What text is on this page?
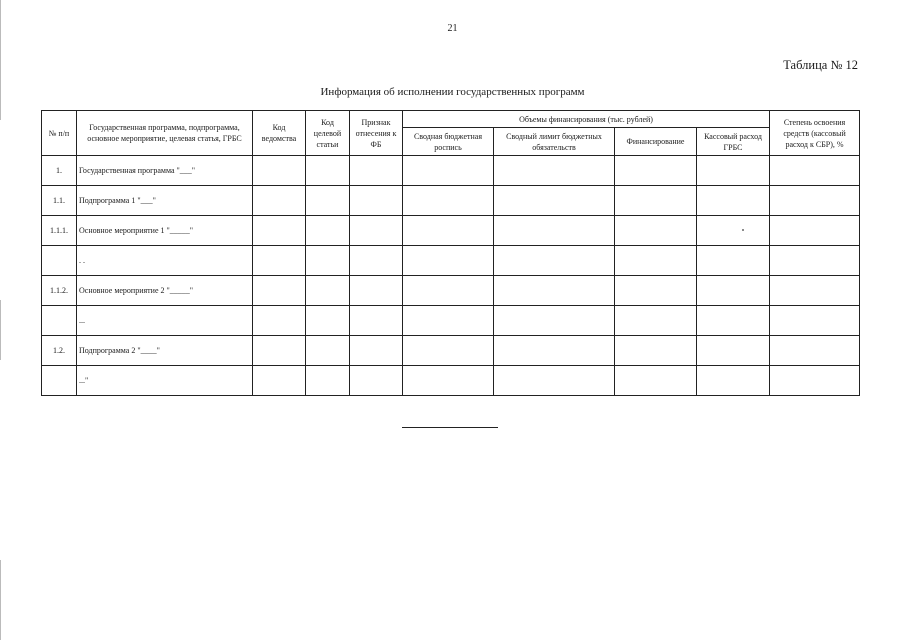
21
Таблица № 12
Информация об исполнении государственных программ
№ п/п	Государственная программа, подпрограмма, основное мероприятие, целевая статья, ГРБС	Код ведомства	Код целевой статьи	Признак отнесения к ФБ	Объемы финансирования (тыс. рублей)				Степень освоения средств (кассовый расход к СБР), %
					Сводная бюджетная роспись	Сводный лимит бюджетных обязательств	Финансирование	Кассовый расход ГРБС	
1.	Государственная программа "___"								
1.1.	Подпрограмма 1 "___"								
1.1.1.	Основное мероприятие 1 "_____"								
	. .								
1.1.2.	Основное мероприятие 2 "_____"								
	...								
1.2.	Подпрограмма 2 "____"								
	..."								
